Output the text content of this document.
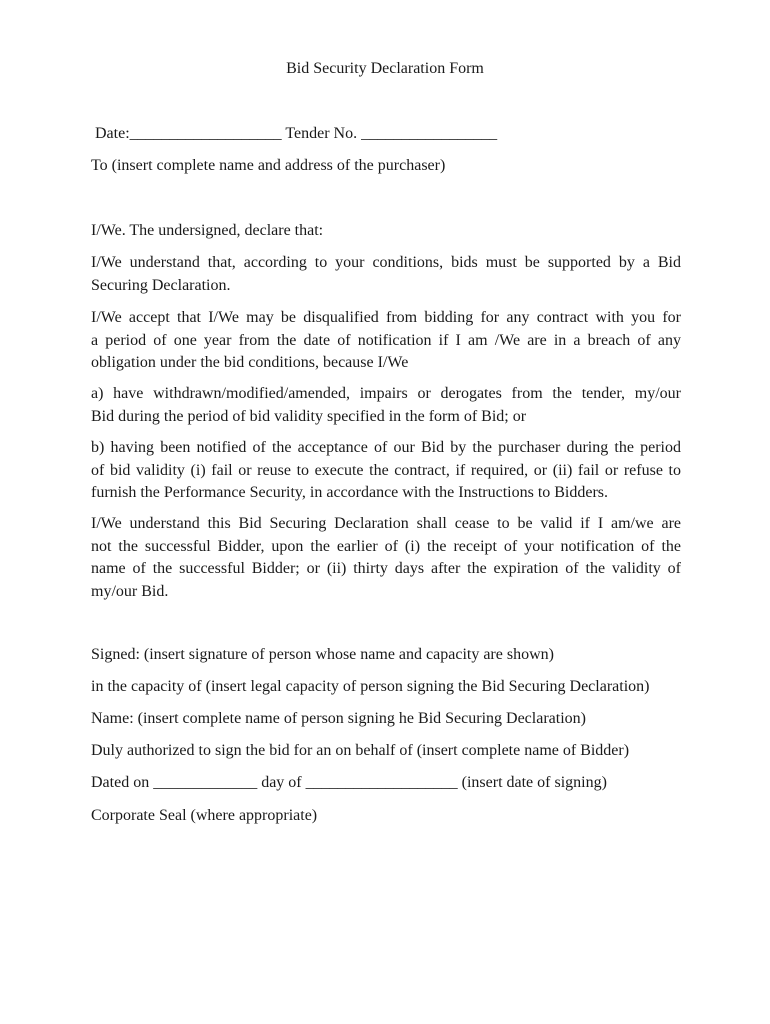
Bid Security Declaration Form
Date:___________________ Tender No. _________________
To (insert complete name and address of the purchaser)
I/We. The undersigned, declare that:
I/We understand that, according to your conditions, bids must be supported by a Bid
Securing Declaration.
I/We accept that I/We may be disqualified from bidding for any contract with you for
a period of one year from the date of notification if I am /We are in a breach of any
obligation under the bid conditions, because I/We
a) have withdrawn/modified/amended, impairs or derogates from the tender, my/our
Bid during the period of bid validity specified in the form of Bid; or
b) having been notified of the acceptance of our Bid by the purchaser during the period
of bid validity (i) fail or reuse to execute the contract, if required, or (ii) fail or refuse to
furnish the Performance Security, in accordance with the Instructions to Bidders.
I/We understand this Bid Securing Declaration shall cease to be valid if I am/we are
not the successful Bidder, upon the earlier of (i) the receipt of your notification of the
name of the successful Bidder; or (ii) thirty days after the expiration of the validity of
my/our Bid.
Signed: (insert signature of person whose name and capacity are shown)
in the capacity of (insert legal capacity of person signing the Bid Securing Declaration)
Name: (insert complete name of person signing he Bid Securing Declaration)
Duly authorized to sign the bid for an on behalf of (insert complete name of Bidder)
Dated on _____________ day of ___________________ (insert date of signing)
Corporate Seal (where appropriate)
